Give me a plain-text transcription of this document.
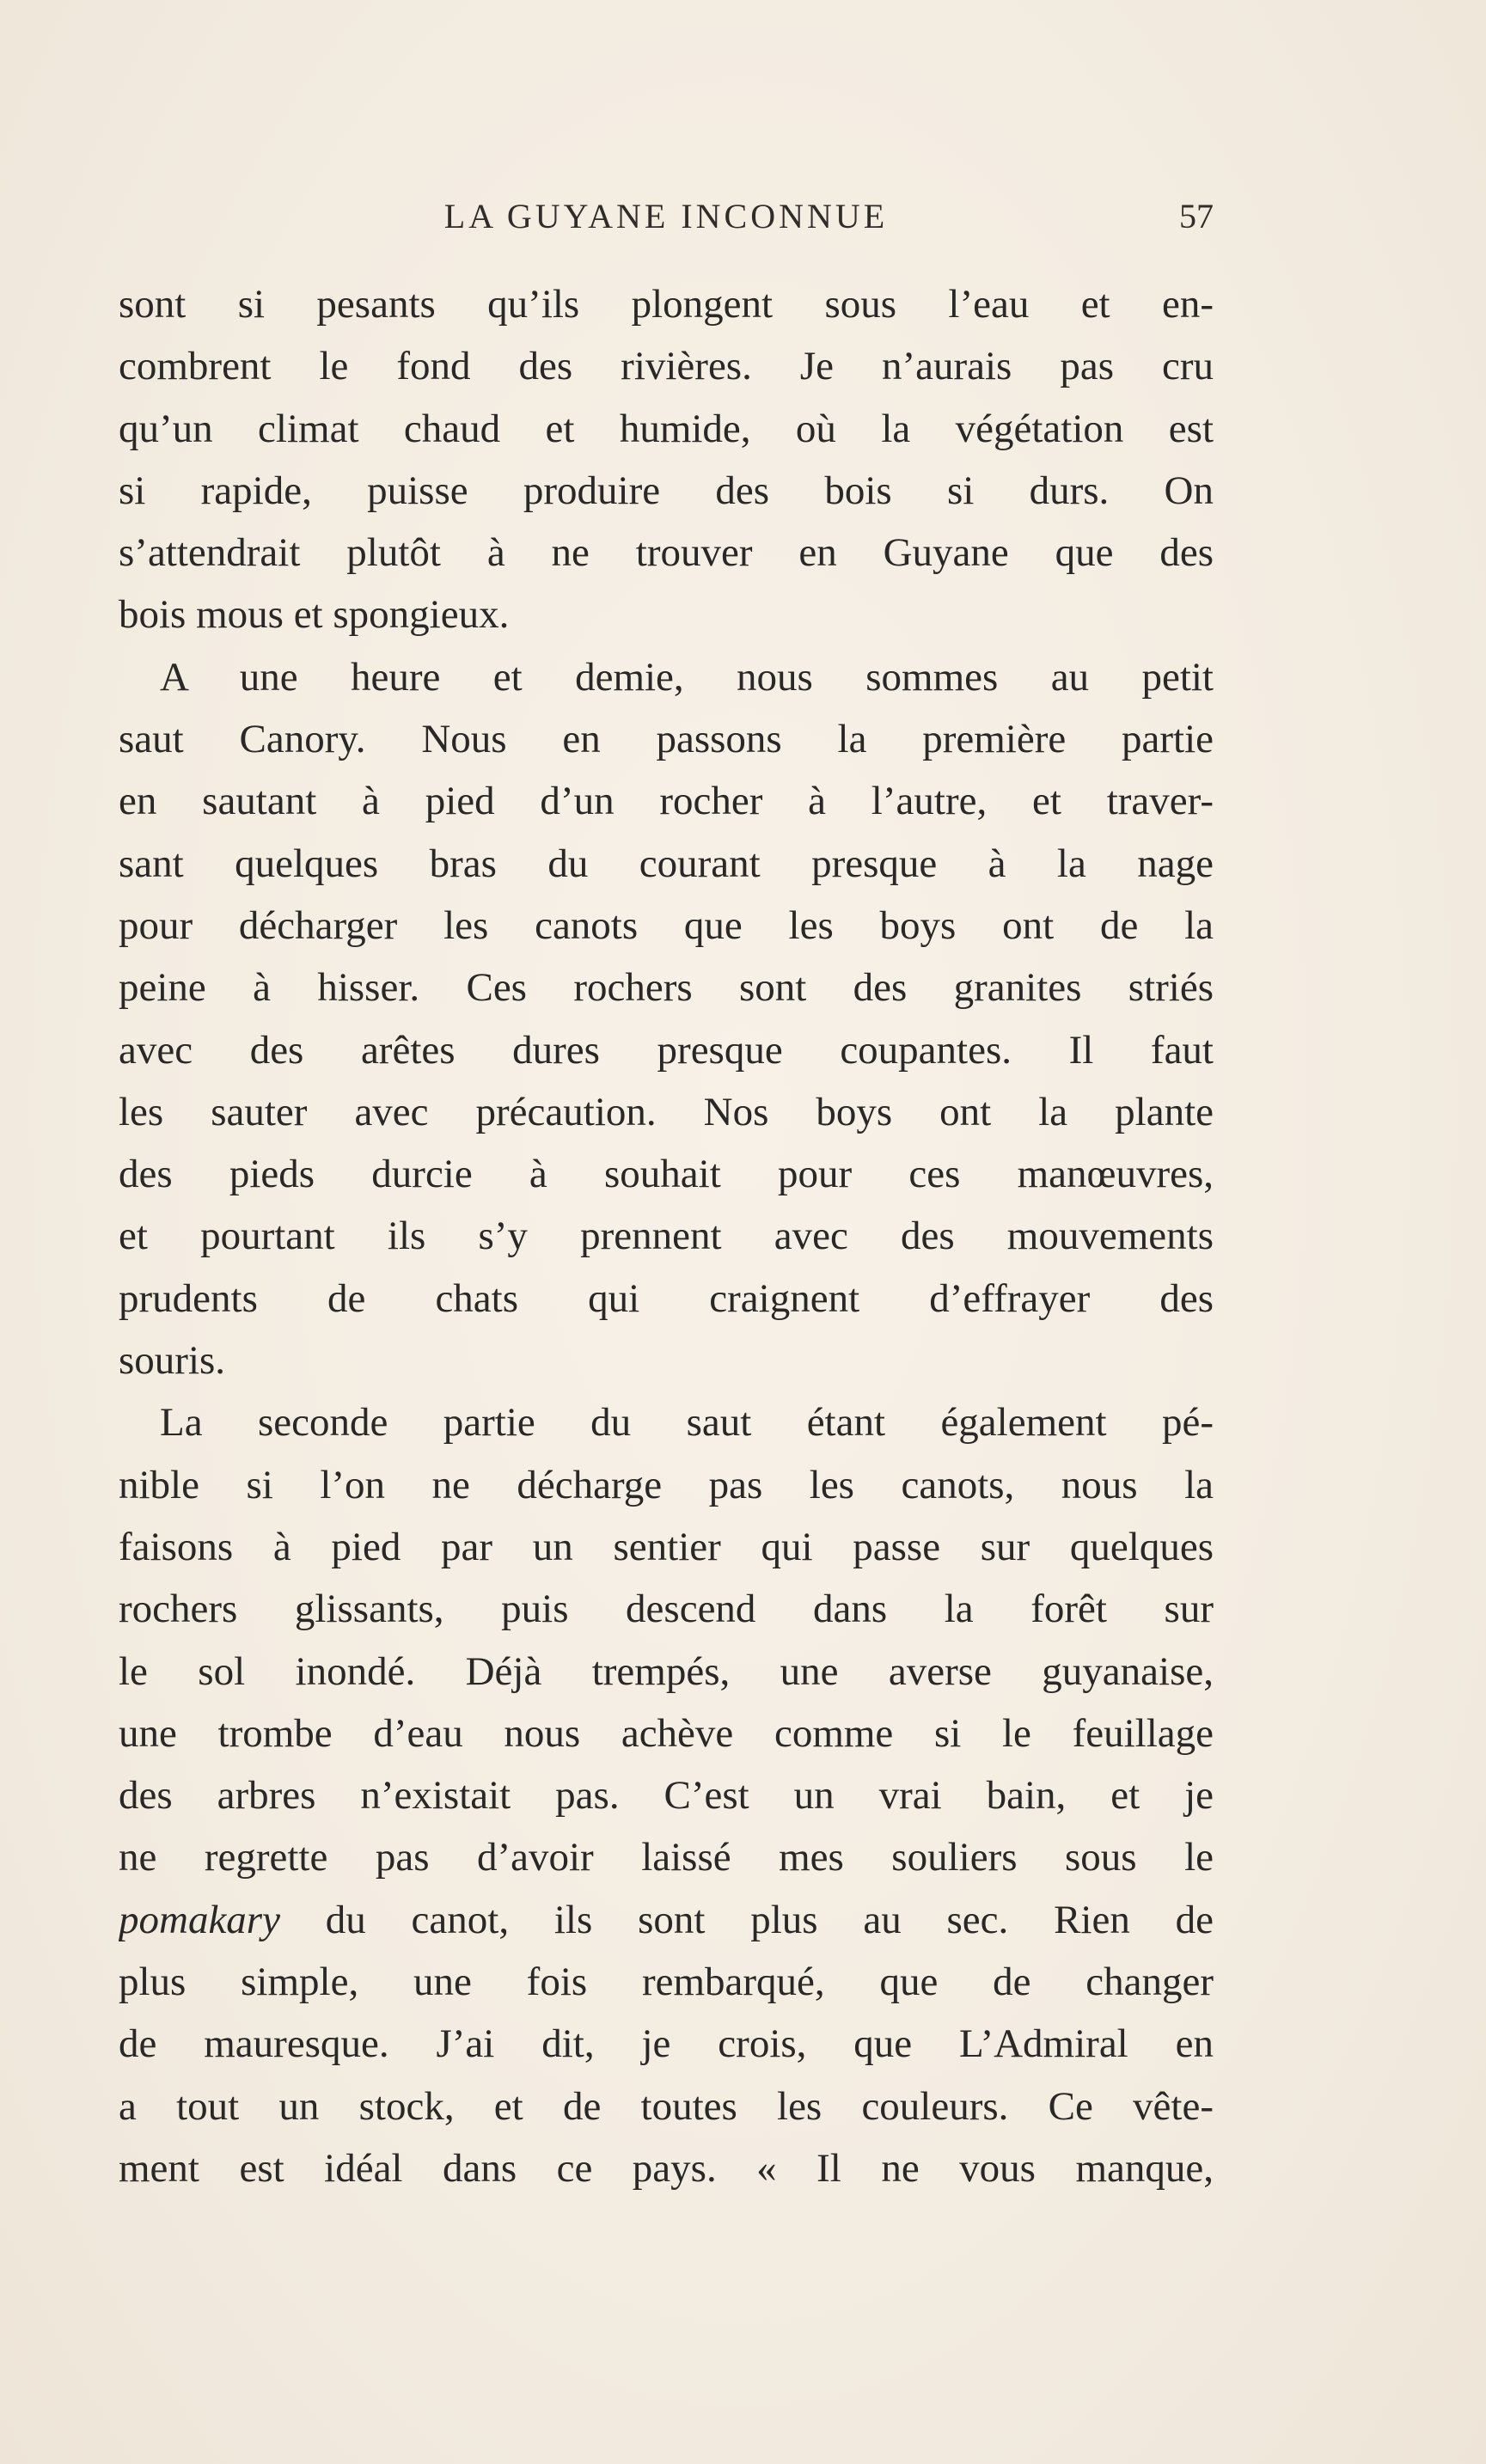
LA GUYANE INCONNUE	57
sont si pesants qu’ils plongent sous l’eau et en-
combrent le fond des rivières. Je n’aurais pas cru
qu’un climat chaud et humide, où la végétation est
si rapide, puisse produire des bois si durs. On
s’attendrait plutôt à ne trouver en Guyane que des
bois mous et spongieux.
A une heure et demie, nous sommes au petit
saut Canory. Nous en passons la première partie
en sautant à pied d’un rocher à l’autre, et traver-
sant quelques bras du courant presque à la nage
pour décharger les canots que les boys ont de la
peine à hisser. Ces rochers sont des granites striés
avec des arêtes dures presque coupantes. Il faut
les sauter avec précaution. Nos boys ont la plante
des pieds durcie à souhait pour ces manœuvres,
et pourtant ils s’y prennent avec des mouvements
prudents de chats qui craignent d’effrayer des
souris.
La seconde partie du saut étant également pé-
nible si l’on ne décharge pas les canots, nous la
faisons à pied par un sentier qui passe sur quelques
rochers glissants, puis descend dans la forêt sur
le sol inondé. Déjà trempés, une averse guyanaise,
une trombe d’eau nous achève comme si le feuillage
des arbres n’existait pas. C’est un vrai bain, et je
ne regrette pas d’avoir laissé mes souliers sous le
pomakary du canot, ils sont plus au sec. Rien de
plus simple, une fois rembarqué, que de changer
de mauresque. J’ai dit, je crois, que L’Admiral en
a tout un stock, et de toutes les couleurs. Ce vête-
ment est idéal dans ce pays. « Il ne vous manque,
